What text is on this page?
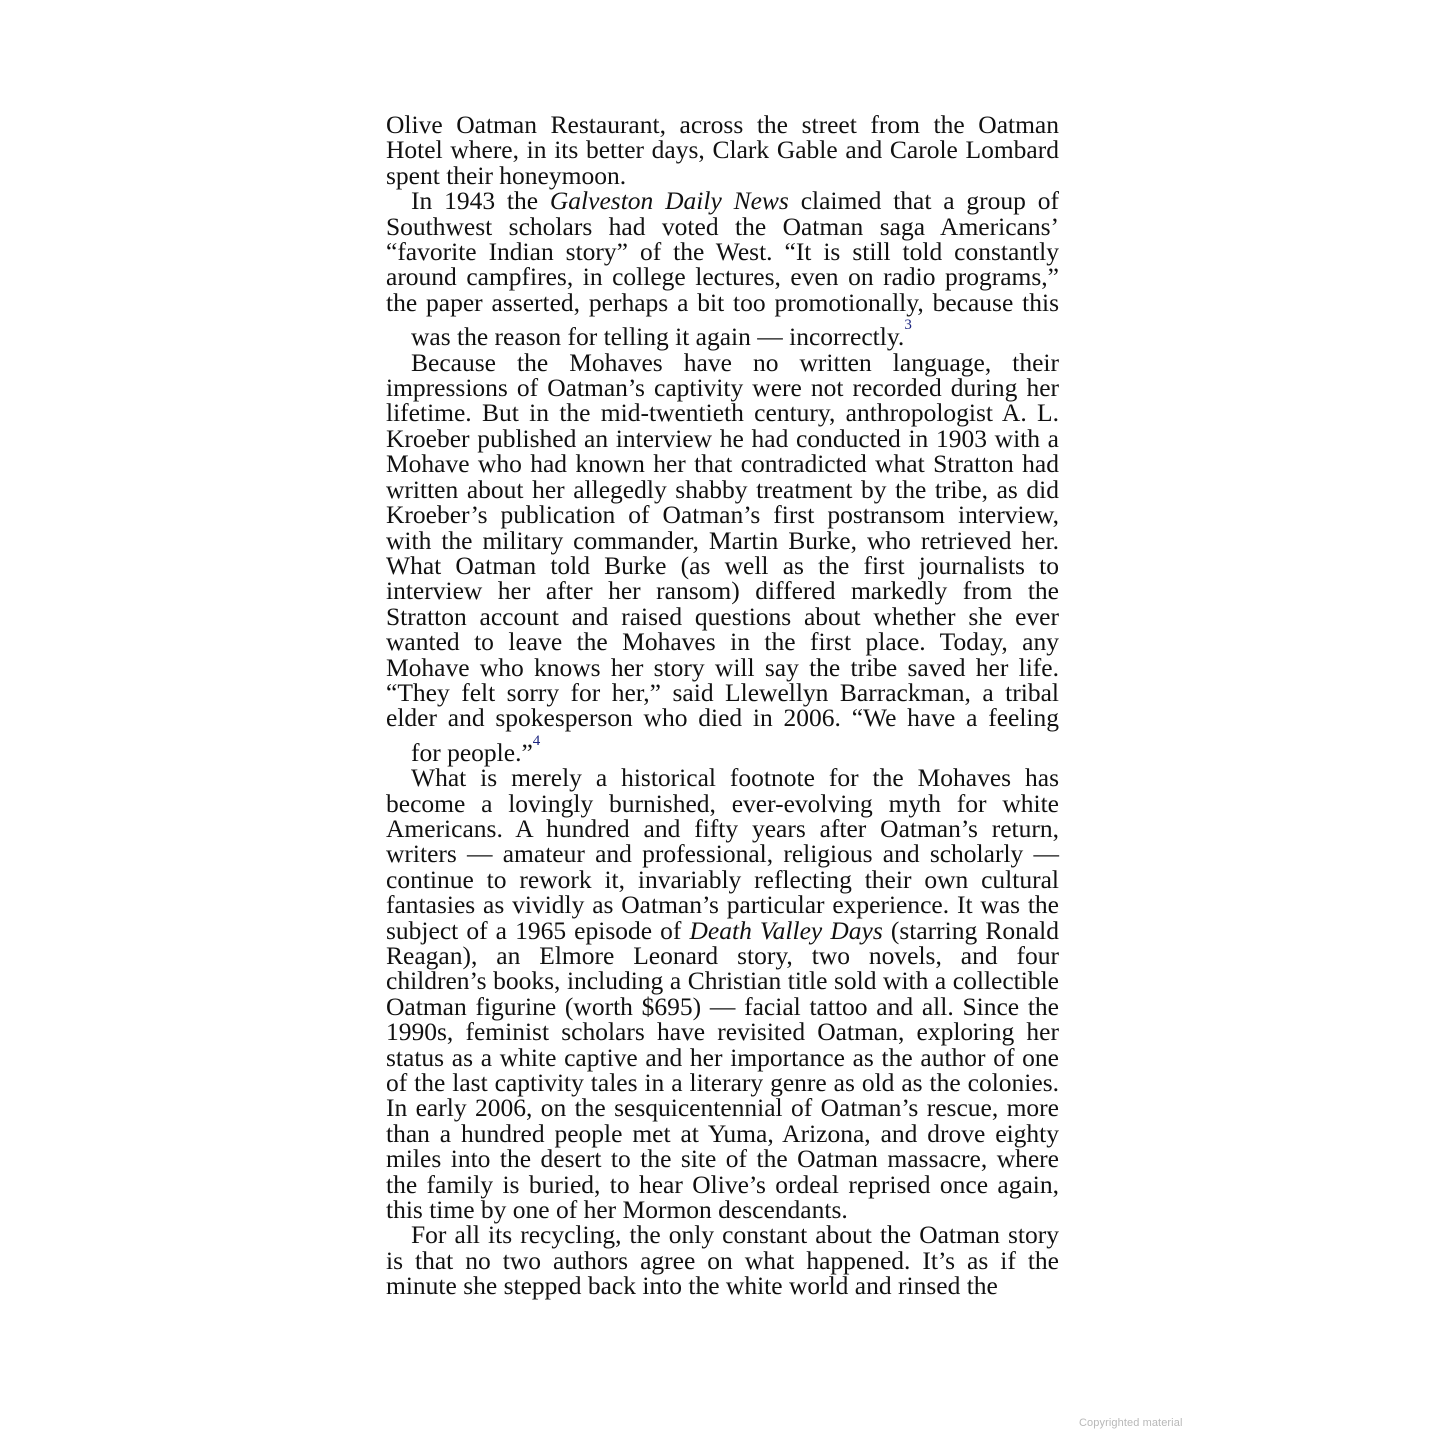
Olive Oatman Restaurant, across the street from the Oatman Hotel where, in its better days, Clark Gable and Carole Lombard spent their honeymoon.

In 1943 the Galveston Daily News claimed that a group of Southwest scholars had voted the Oatman saga Americans’ “favorite Indian story” of the West. “It is still told constantly around campfires, in college lectures, even on radio programs,” the paper asserted, perhaps a bit too promotionally, because this was the reason for telling it again — incorrectly.$^3$

Because the Mohaves have no written language, their impressions of Oatman’s captivity were not recorded during her lifetime. But in the mid-twentieth century, anthropologist A. L. Kroeber published an interview he had conducted in 1903 with a Mohave who had known her that contradicted what Stratton had written about her allegedly shabby treatment by the tribe, as did Kroeber’s publication of Oatman’s first postransom interview, with the military commander, Martin Burke, who retrieved her. What Oatman told Burke (as well as the first journalists to interview her after her ransom) differed markedly from the Stratton account and raised questions about whether she ever wanted to leave the Mohaves in the first place. Today, any Mohave who knows her story will say the tribe saved her life. “They felt sorry for her,” said Llewellyn Barrackman, a tribal elder and spokesperson who died in 2006. “We have a feeling for people.”$^4$

What is merely a historical footnote for the Mohaves has become a lovingly burnished, ever-evolving myth for white Americans. A hundred and fifty years after Oatman’s return, writers — amateur and professional, religious and scholarly — continue to rework it, invariably reflecting their own cultural fantasies as vividly as Oatman’s particular experience. It was the subject of a 1965 episode of Death Valley Days (starring Ronald Reagan), an Elmore Leonard story, two novels, and four children’s books, including a Christian title sold with a collectible Oatman figurine (worth $695) — facial tattoo and all. Since the 1990s, feminist scholars have revisited Oatman, exploring her status as a white captive and her importance as the author of one of the last captivity tales in a literary genre as old as the colonies. In early 2006, on the sesquicentennial of Oatman’s rescue, more than a hundred people met at Yuma, Arizona, and drove eighty miles into the desert to the site of the Oatman massacre, where the family is buried, to hear Olive’s ordeal reprised once again, this time by one of her Mormon descendants.

For all its recycling, the only constant about the Oatman story is that no two authors agree on what happened. It’s as if the minute she stepped back into the white world and rinsed the

Copyrighted material
